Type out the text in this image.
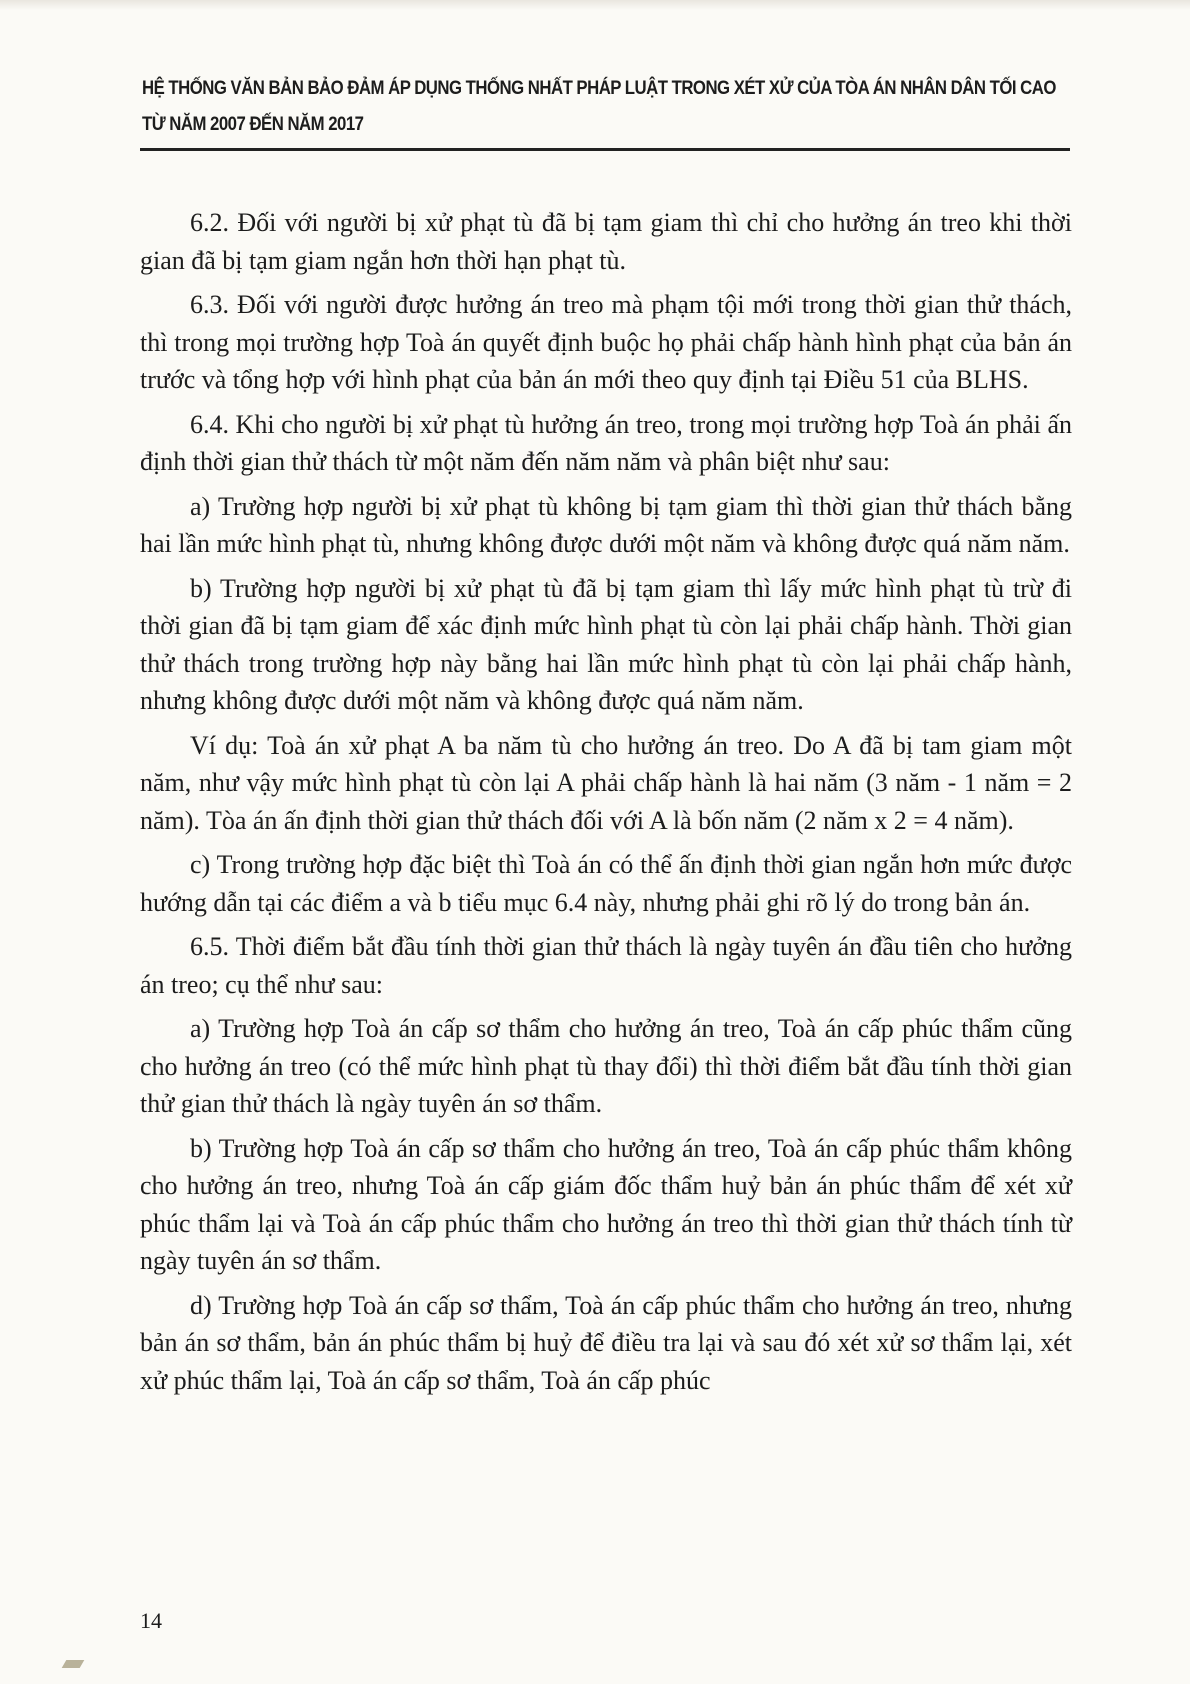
HỆ THỐNG VĂN BẢN BẢO ĐẢM ÁP DỤNG THỐNG NHẤT PHÁP LUẬT TRONG XÉT XỬ CỦA TÒA ÁN NHÂN DÂN TỐI CAO
TỪ NĂM 2007 ĐẾN NĂM 2017

6.2. Đối với người bị xử phạt tù đã bị tạm giam thì chỉ cho hưởng án treo khi thời gian đã bị tạm giam ngắn hơn thời hạn phạt tù.

6.3. Đối với người được hưởng án treo mà phạm tội mới trong thời gian thử thách, thì trong mọi trường hợp Toà án quyết định buộc họ phải chấp hành hình phạt của bản án trước và tổng hợp với hình phạt của bản án mới theo quy định tại Điều 51 của BLHS.

6.4. Khi cho người bị xử phạt tù hưởng án treo, trong mọi trường hợp Toà án phải ấn định thời gian thử thách từ một năm đến năm năm và phân biệt như sau:

a) Trường hợp người bị xử phạt tù không bị tạm giam thì thời gian thử thách bằng hai lần mức hình phạt tù, nhưng không được dưới một năm và không được quá năm năm.

b) Trường hợp người bị xử phạt tù đã bị tạm giam thì lấy mức hình phạt tù trừ đi thời gian đã bị tạm giam để xác định mức hình phạt tù còn lại phải chấp hành. Thời gian thử thách trong trường hợp này bằng hai lần mức hình phạt tù còn lại phải chấp hành, nhưng không được dưới một năm và không được quá năm năm.

Ví dụ: Toà án xử phạt A ba năm tù cho hưởng án treo. Do A đã bị tam giam một năm, như vậy mức hình phạt tù còn lại A phải chấp hành là hai năm (3 năm - 1 năm = 2 năm). Tòa án ấn định thời gian thử thách đối với A là bốn năm (2 năm x 2 = 4 năm).

c) Trong trường hợp đặc biệt thì Toà án có thể ấn định thời gian ngắn hơn mức được hướng dẫn tại các điểm a và b tiểu mục 6.4 này, nhưng phải ghi rõ lý do trong bản án.

6.5. Thời điểm bắt đầu tính thời gian thử thách là ngày tuyên án đầu tiên cho hưởng án treo; cụ thể như sau:

a) Trường hợp Toà án cấp sơ thẩm cho hưởng án treo, Toà án cấp phúc thẩm cũng cho hưởng án treo (có thể mức hình phạt tù thay đổi) thì thời điểm bắt đầu tính thời gian thử gian thử thách là ngày tuyên án sơ thẩm.

b) Trường hợp Toà án cấp sơ thẩm cho hưởng án treo, Toà án cấp phúc thẩm không cho hưởng án treo, nhưng Toà án cấp giám đốc thẩm huỷ bản án phúc thẩm để xét xử phúc thẩm lại và Toà án cấp phúc thẩm cho hưởng án treo thì thời gian thử thách tính từ ngày tuyên án sơ thẩm.

d) Trường hợp Toà án cấp sơ thẩm, Toà án cấp phúc thẩm cho hưởng án treo, nhưng bản án sơ thẩm, bản án phúc thẩm bị huỷ để điều tra lại và sau đó xét xử sơ thẩm lại, xét xử phúc thẩm lại, Toà án cấp sơ thẩm, Toà án cấp phúc

14
